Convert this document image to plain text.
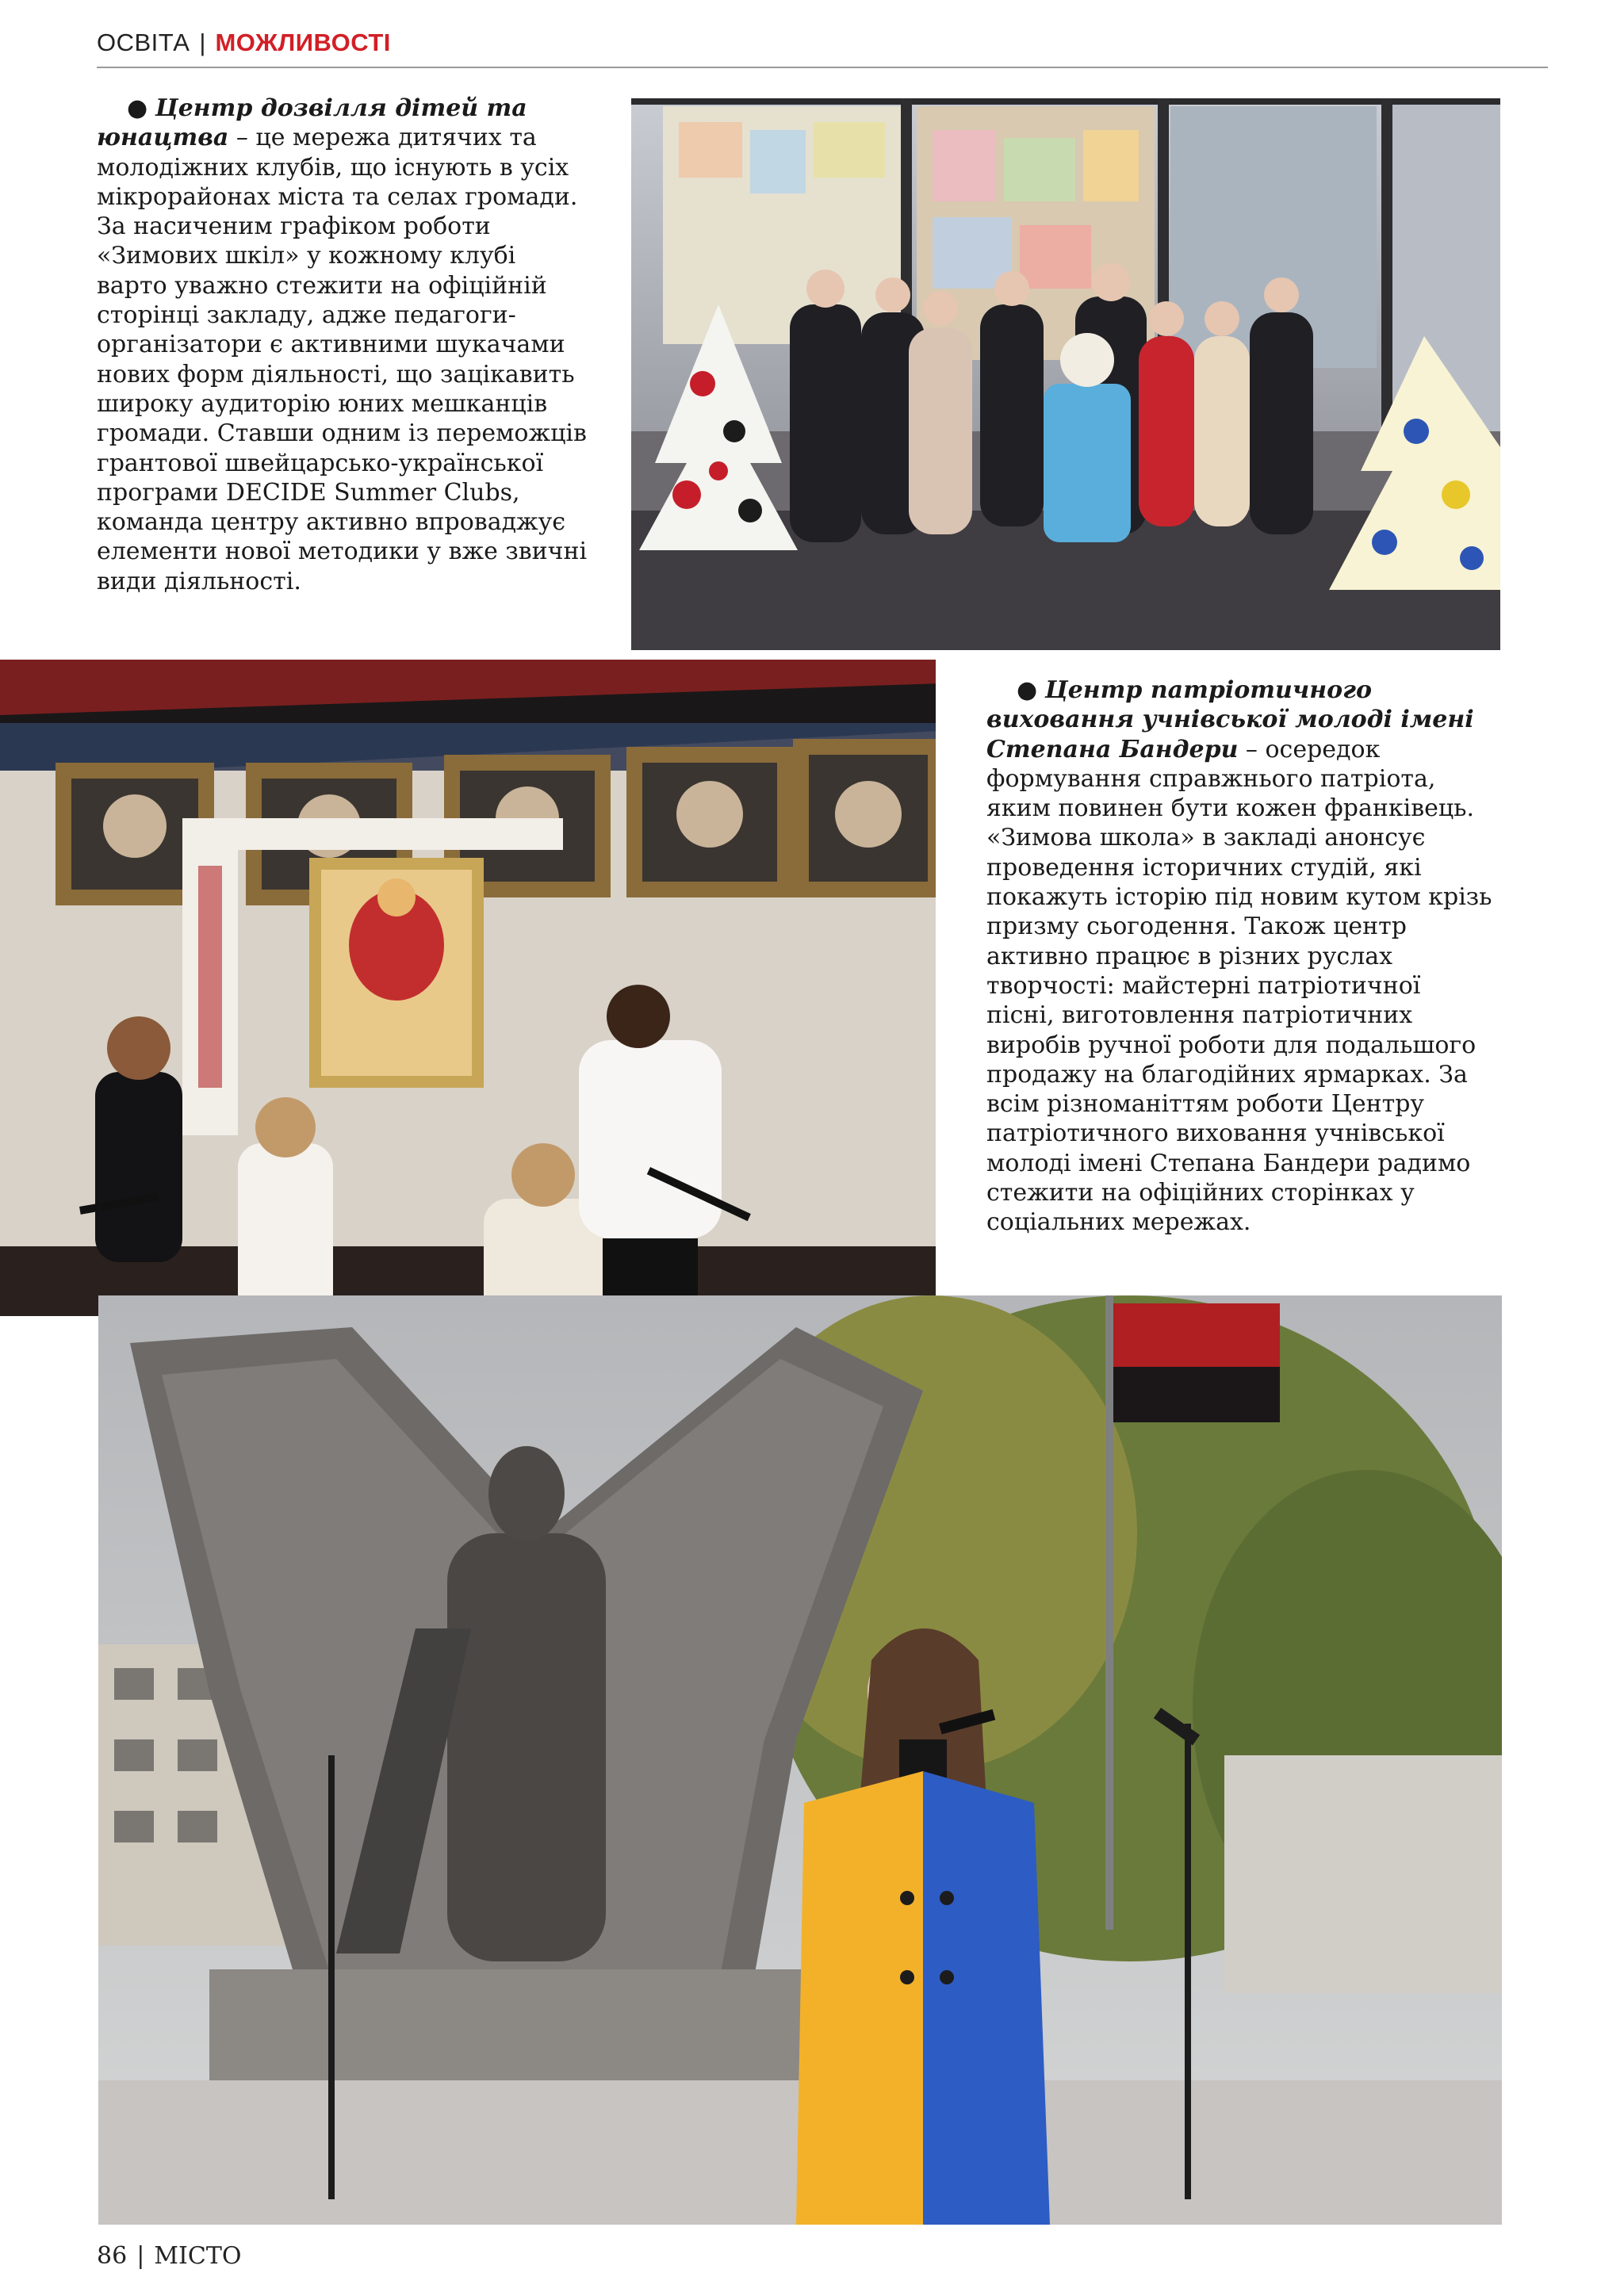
ОСВІТА | МОЖЛИВОСТІ

● Центр дозвілля дітей та юнацтва – це мережа дитячих та молодіжних клубів, що існують в усіх мікрорайонах міста та селах громади. За насиченим графіком роботи «Зимових шкіл» у кожному клубі варто уважно стежити на офіційній сторінці закладу, адже педагоги-організатори є активними шукачами нових форм діяльності, що зацікавить широку аудиторію юних мешканців громади. Ставши одним із переможців грантової швейцарсько-української програми DECIDE Summer Clubs, команда центру активно впроваджує елементи нової методики у вже звичні види діяльності.

● Центр патріотичного виховання учнівської молоді імені Степана Бандери – осередок формування справжнього патріота, яким повинен бути кожен франківець. «Зимова школа» в закладі анонсує проведення історичних студій, які покажуть історію під новим кутом крізь призму сьогодення. Також центр активно працює в різних руслах творчості: майстерні патріотичної пісні, виготовлення патріотичних виробів ручної роботи для подальшого продажу на благодійних ярмарках. За всім різноманіттям роботи Центру патріотичного виховання учнівської молоді імені Степана Бандери радимо стежити на офіційних сторінках у соціальних мережах.

86 | МІСТО
